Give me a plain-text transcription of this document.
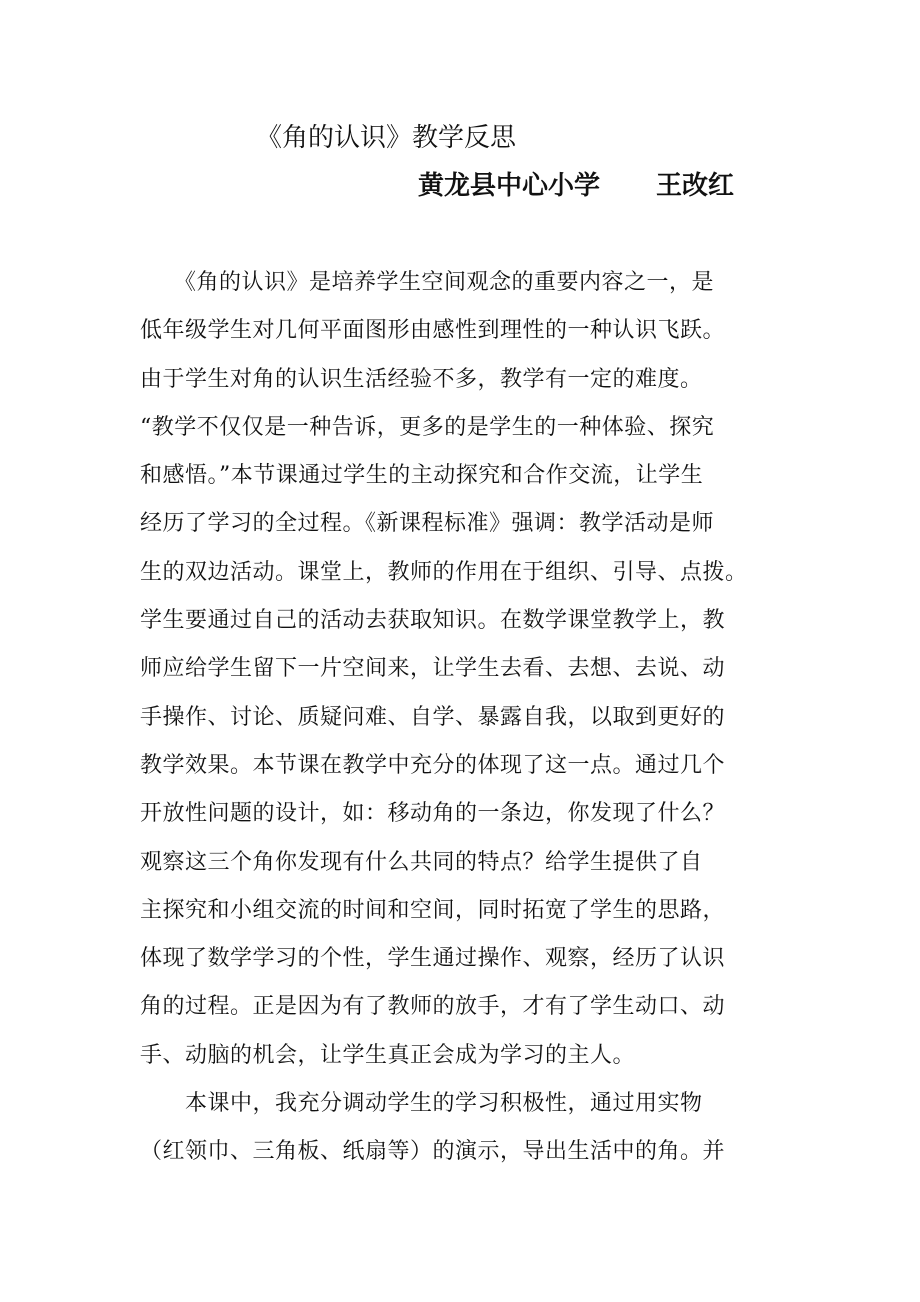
《角的认识》教学反思
黄龙县中心小学 王改红
　　《角的认识》是培养学生空间观念的重要内容之一，是
低年级学生对几何平面图形由感性到理性的一种认识飞跃。
由于学生对角的认识生活经验不多，教学有一定的难度。
“教学不仅仅是一种告诉，更多的是学生的一种体验、探究
和感悟。”本节课通过学生的主动探究和合作交流，让学生
经历了学习的全过程。《新课程标准》强调：教学活动是师
生的双边活动。课堂上，教师的作用在于组织、引导、点拨。
学生要通过自己的活动去获取知识。在数学课堂教学上，教
师应给学生留下一片空间来，让学生去看、去想、去说、动
手操作、讨论、质疑问难、自学、暴露自我，以取到更好的
教学效果。本节课在教学中充分的体现了这一点。通过几个
开放性问题的设计，如：移动角的一条边，你发现了什么？
观察这三个角你发现有什么共同的特点？给学生提供了自
主探究和小组交流的时间和空间，同时拓宽了学生的思路，
体现了数学学习的个性，学生通过操作、观察，经历了认识
角的过程。正是因为有了教师的放手，才有了学生动口、动
手、动脑的机会，让学生真正会成为学习的主人。
　　本课中，我充分调动学生的学习积极性，通过用实物
（红领巾、三角板、纸扇等）的演示，导出生活中的角。并
